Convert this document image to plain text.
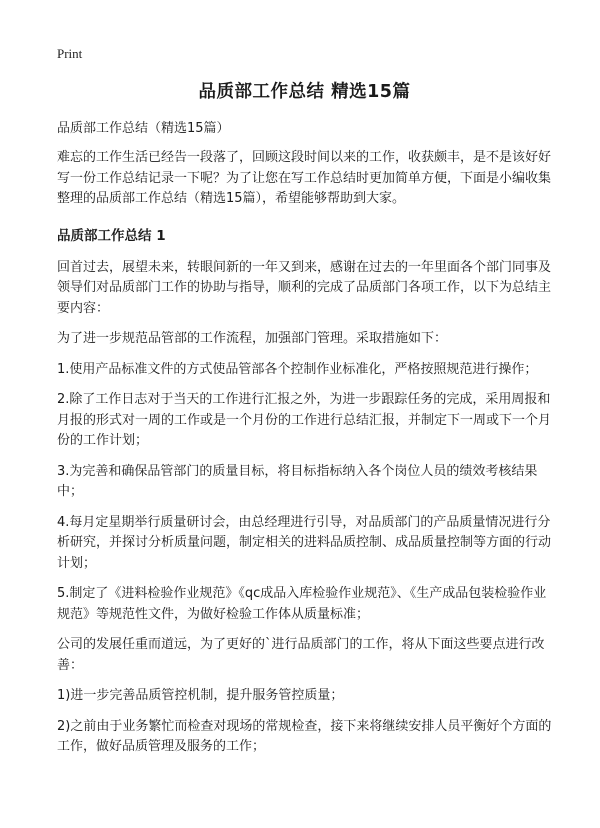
Print
品质部工作总结 精选15篇
品质部工作总结（精选15篇）

难忘的工作生活已经告一段落了，回顾这段时间以来的工作，收获颇丰，是不是该好好写一份工作总结记录一下呢？为了让您在写工作总结时更加简单方便，下面是小编收集整理的品质部工作总结（精选15篇），希望能够帮助到大家。

品质部工作总结 1

回首过去，展望未来，转眼间新的一年又到来，感谢在过去的一年里面各个部门同事及领导们对品质部门工作的协助与指导，顺利的完成了品质部门各项工作，以下为总结主要内容：

为了进一步规范品管部的工作流程，加强部门管理。采取措施如下：

1.使用产品标准文件的方式使品管部各个控制作业标准化，严格按照规范进行操作；

2.除了工作日志对于当天的工作进行汇报之外，为进一步跟踪任务的完成，采用周报和月报的形式对一周的工作或是一个月份的工作进行总结汇报，并制定下一周或下一个月份的工作计划；

3.为完善和确保品管部门的质量目标，将目标指标纳入各个岗位人员的绩效考核结果中；

4.每月定星期举行质量研讨会，由总经理进行引导，对品质部门的产品质量情况进行分析研究，并探讨分析质量问题，制定相关的进料品质控制、成品质量控制等方面的行动计划；

5.制定了《进料检验作业规范》《qc成品入库检验作业规范》、《生产成品包装检验作业规范》等规范性文件，为做好检验工作体从质量标准；

公司的发展任重而道远，为了更好的`进行品质部门的工作，将从下面这些要点进行改善：

1)进一步完善品质管控机制，提升服务管控质量；

2)之前由于业务繁忙而检查对现场的常规检查，接下来将继续安排人员平衡好个方面的工作，做好品质管理及服务的工作；
